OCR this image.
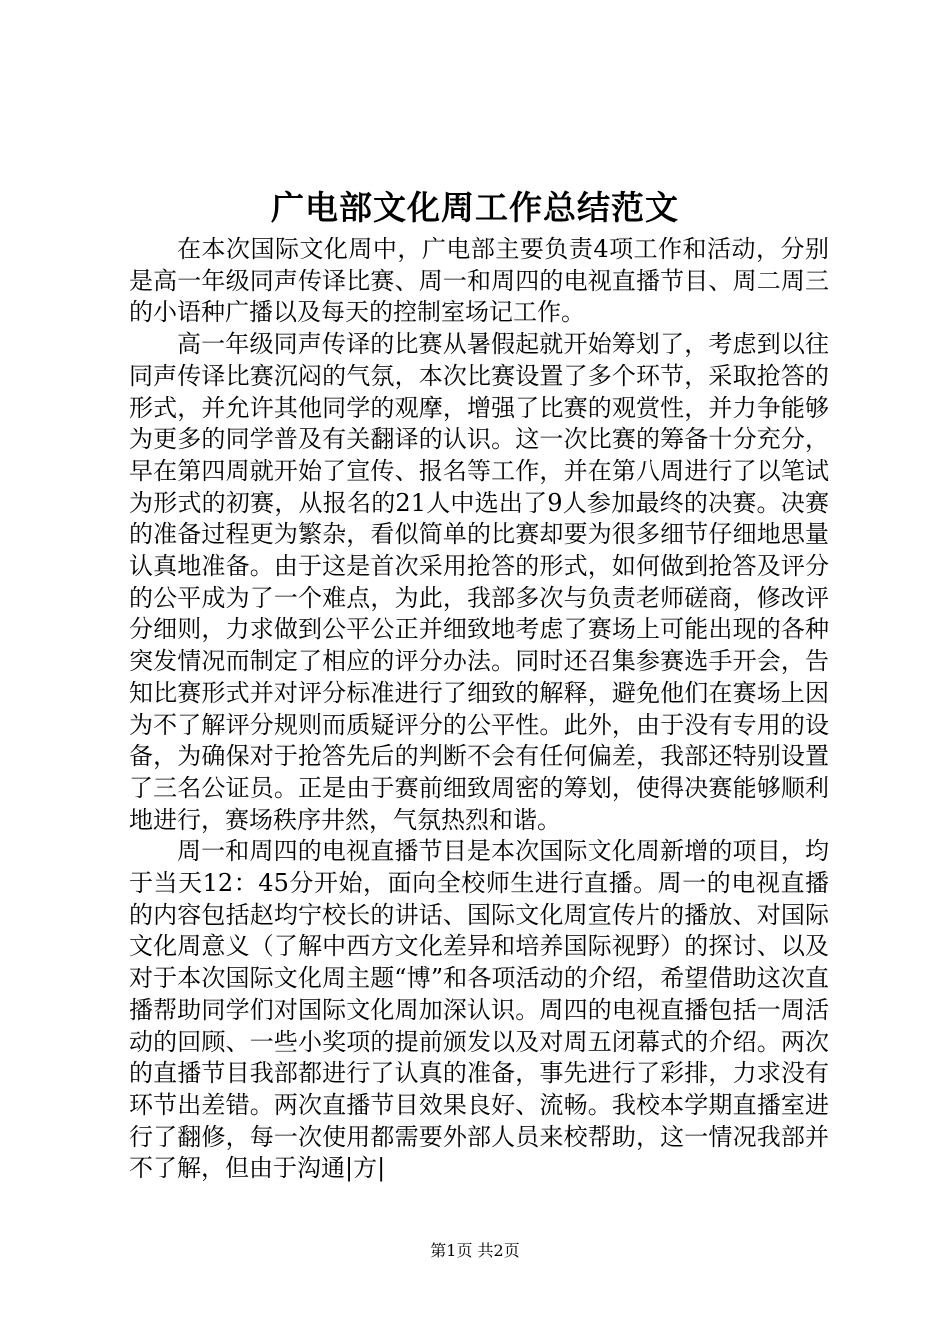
广电部文化周工作总结范文

在本次国际文化周中，广电部主要负责4项工作和活动，分别是高一年级同声传译比赛、周一和周四的电视直播节目、周二周三的小语种广播以及每天的控制室场记工作。

高一年级同声传译的比赛从暑假起就开始筹划了，考虑到以往同声传译比赛沉闷的气氛，本次比赛设置了多个环节，采取抢答的形式，并允许其他同学的观摩，增强了比赛的观赏性，并力争能够为更多的同学普及有关翻译的认识。这一次比赛的筹备十分充分，早在第四周就开始了宣传、报名等工作，并在第八周进行了以笔试为形式的初赛，从报名的21人中选出了9人参加最终的决赛。决赛的准备过程更为繁杂，看似简单的比赛却要为很多细节仔细地思量认真地准备。由于这是首次采用抢答的形式，如何做到抢答及评分的公平成为了一个难点，为此，我部多次与负责老师磋商，修改评分细则，力求做到公平公正并细致地考虑了赛场上可能出现的各种突发情况而制定了相应的评分办法。同时还召集参赛选手开会，告知比赛形式并对评分标准进行了细致的解释，避免他们在赛场上因为不了解评分规则而质疑评分的公平性。此外，由于没有专用的设备，为确保对于抢答先后的判断不会有任何偏差，我部还特别设置了三名公证员。正是由于赛前细致周密的筹划，使得决赛能够顺利地进行，赛场秩序井然，气氛热烈和谐。

周一和周四的电视直播节目是本次国际文化周新增的项目，均于当天12：45分开始，面向全校师生进行直播。周一的电视直播的内容包括赵均宁校长的讲话、国际文化周宣传片的播放、对国际文化周意义（了解中西方文化差异和培养国际视野）的探讨、以及对于本次国际文化周主题“博”和各项活动的介绍，希望借助这次直播帮助同学们对国际文化周加深认识。周四的电视直播包括一周活动的回顾、一些小奖项的提前颁发以及对周五闭幕式的介绍。两次的直播节目我部都进行了认真的准备，事先进行了彩排，力求没有环节出差错。两次直播节目效果良好、流畅。我校本学期直播室进行了翻修，每一次使用都需要外部人员来校帮助，这一情况我部并不了解，但由于沟通|方|

第1页 共2页
